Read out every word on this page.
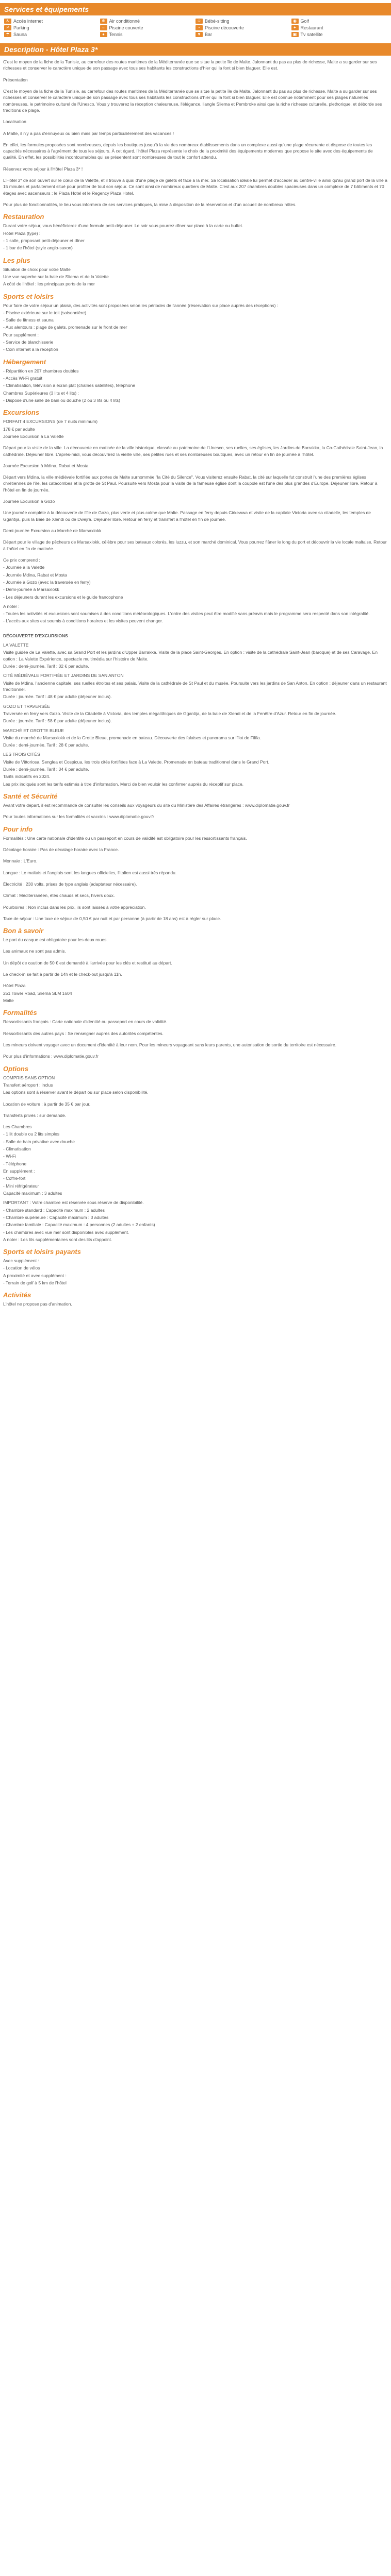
Services et équipements
♿ Accès internet	❄ Air conditionné	☺ Bébé-sitting	◉ Golf
P Parking	≈ Piscine couverte	~ Piscine découverte	✦ Restaurant
☂ Sauna	● Tennis	▼ Bar	▣ Tv satellite
Description - Hôtel Plaza 3*

C'est le moyen de la fiche de la Tunisie, au carrefour des routes maritimes de la Méditerranée que se situe la petite île de Malte. Jalonnant du pas au plus de richesse, Malte a su garder sur ses richesses et conserver le caractère unique de son passage avec tous ses habitants les constructions d'hier qui la font si bien blaguer. Elle est.

Présentation

C'est le moyen de la fiche de la Tunisie, au carrefour des routes maritimes de la Méditerranée que se situe la petite île de Malte. Jalonnant du pas au plus de richesse, Malte a su garder sur ses richesses et conserver le caractère unique de son passage avec tous ses habitants les constructions d'hier qui la font si bien blaguer. Elle est connue notamment pour ses plages naturelles nombreuses, le patrimoine culturel de l'Unesco. Vous y trouverez la réception chaleureuse, l'élégance, l'angle Sliema et Pembroke ainsi que la riche richesse culturelle, plethorique, et déborde ses traditions de plage.

Localisation

A Malte, il n'y a pas d'ennuyeux ou bien mais par temps particulièrement des vacances !

En effet, les formules proposées sont nombreuses, depuis les boutiques jusqu'à la vie des nombreux établissements dans un complexe aussi qu'une plage récurrente et dispose de toutes les capacités nécessaires à l'agrément de tous les séjours. À cet égard, l'hôtel Plaza représente le choix de la proximité des équipements modernes que propose le site avec des équipements de qualité. En effet, les possibilités incontournables qui se présentent sont nombreuses de tout le confort attendu.

Réservez votre séjour à l'Hôtel Plaza 3* !

L'Hôtel 3* de son ouvert sur le cœur de la Valette, et il trouve à quai d'une plage de galets et face à la mer. Sa localisation idéale lui permet d'accéder au centre-ville ainsi qu'au grand port de la ville à 15 minutes et parfaitement situé pour profiter de tout son séjour. Ce sont ainsi de nombreux quartiers de Malte. C'est aux 207 chambres doubles spacieuses dans un complexe de 7 bâtiments et 70 étages avec ascenseurs : le Plaza Hotel et le Regency Plaza Hotel.

Pour plus de fonctionnalités, le lieu vous informera de ses services pratiques, la mise à disposition de la réservation et d'un accueil de nombreux hôtes.

Restauration

Durant votre séjour, vous bénéficierez d'une formule petit-déjeuner. Le soir vous pourrez dîner sur place à la carte ou buffet.

Hôtel Plaza (type) :

- 1 salle, proposant petit-déjeuner et dîner

- 1 bar de l'hôtel (style anglo-saxon)

Les plus

Situation de choix pour votre Malte

Une vue superbe sur la baie de Sliema et de la Valette

A côté de l'hôtel : les principaux ports de la mer

Sports et loisirs

Pour faire de votre séjour un plaisir, des activités sont proposées selon les périodes de l'année (réservation sur place auprès des réceptions) :

- Piscine extérieure sur le toit (saisonnière)

- Salle de fitness et sauna

- Aux alentours : plage de galets, promenade sur le front de mer

Pour supplément :

- Service de blanchisserie

- Coin internet à la réception

Hébergement

- Répartition en 207 chambres doubles

- Accès Wi-Fi gratuit

- Climatisation, télévision à écran plat (chaînes satellites), téléphone

Chambres Supérieures (3 lits et 4 lits) :

- Dispose d'une salle de bain ou douche (2 ou 3 lits ou 4 lits)

Excursions

FORFAIT 4 EXCURSIONS (de 7 nuits minimum)

178 € par adulte

Journée Excursion à La Valette

Départ pour la visite de la ville. La découverte en matinée de la ville historique, classée au patrimoine de l'Unesco, ses ruelles, ses églises, les Jardins de Barrakka, la Co-Cathédrale Saint-Jean, la cathédrale. Déjeuner libre. L'après-midi, vous découvrirez la vieille ville, ses petites rues et ses nombreuses boutiques, avec un retour en fin de journée à l'hôtel.

Journée Excursion à Mdina, Rabat et Mosta

Départ vers Mdina, la ville médiévale fortifiée aux portes de Malte surnommée "la Cité du Silence". Vous visiterez ensuite Rabat, la cité sur laquelle fut construit l'une des premières églises chrétiennes de l'île, les catacombes et la grotte de St Paul. Poursuite vers Mosta pour la visite de la fameuse église dont la coupole est l'une des plus grandes d'Europe. Déjeuner libre. Retour à l'hôtel en fin de journée.

Journée Excursion à Gozo

Une journée complète à la découverte de l'île de Gozo, plus verte et plus calme que Malte. Passage en ferry depuis Cirkewwa et visite de la capitale Victoria avec sa citadelle, les temples de Ggantija, puis la Baie de Xlendi ou de Dwejra. Déjeuner libre. Retour en ferry et transfert à l'hôtel en fin de journée.

Demi-journée Excursion au Marché de Marsaxlokk

Départ pour le village de pêcheurs de Marsaxlokk, célèbre pour ses bateaux colorés, les luzzu, et son marché dominical. Vous pourrez flâner le long du port et découvrir la vie locale maltaise. Retour à l'hôtel en fin de matinée.

Ce prix comprend :

- Journée à la Valette

- Journée Mdina, Rabat et Mosta

- Journée à Gozo (avec la traversée en ferry)

- Demi-journée à Marsaxlokk

- Les déjeuners durant les excursions et le guide francophone

A noter :

- Toutes les activités et excursions sont soumises à des conditions météorologiques. L'ordre des visites peut être modifié sans préavis mais le programme sera respecté dans son intégralité.

- L'accès aux sites est soumis à conditions horaires et les visites peuvent changer.

DÉCOUVERTE D'EXCURSIONS

LA VALETTE

Visite guidée de La Valette, avec sa Grand Port et les jardins d'Upper Barrakka. Visite de la place Saint-Georges. En option : visite de la cathédrale Saint-Jean (baroque) et de ses Caravage. En option : La Valette Expérience, spectacle multimédia sur l'histoire de Malte.

Durée : demi-journée. Tarif : 32 € par adulte.

CITÉ MÉDIÉVALE FORTIFIÉE ET JARDINS DE SAN ANTON

Visite de Mdina, l'ancienne capitale, ses ruelles étroites et ses palais. Visite de la cathédrale de St Paul et du musée. Poursuite vers les jardins de San Anton. En option : déjeuner dans un restaurant traditionnel.

Durée : journée. Tarif : 48 € par adulte (déjeuner inclus).

GOZO ET TRAVERSÉE

Traversée en ferry vers Gozo. Visite de la Citadelle à Victoria, des temples mégalithiques de Ggantija, de la baie de Xlendi et de la Fenêtre d'Azur. Retour en fin de journée.

Durée : journée. Tarif : 58 € par adulte (déjeuner inclus).

MARCHÉ ET GROTTE BLEUE

Visite du marché de Marsaxlokk et de la Grotte Bleue, promenade en bateau. Découverte des falaises et panorama sur l'îlot de Filfla.

Durée : demi-journée. Tarif : 28 € par adulte.

LES TROIS CITÉS

Visite de Vittoriosa, Senglea et Cospicua, les trois cités fortifiées face à La Valette. Promenade en bateau traditionnel dans le Grand Port.

Durée : demi-journée. Tarif : 34 € par adulte.

Tarifs indicatifs en 2024.

Les prix indiqués sont les tarifs estimés à titre d'information. Merci de bien vouloir les confirmer auprès du réceptif sur place.

Santé et Sécurité

Avant votre départ, il est recommandé de consulter les conseils aux voyageurs du site du Ministère des Affaires étrangères : www.diplomatie.gouv.fr

Pour toutes informations sur les formalités et vaccins : www.diplomatie.gouv.fr

Pour info

Formalités : Une carte nationale d'identité ou un passeport en cours de validité est obligatoire pour les ressortissants français.

Décalage horaire : Pas de décalage horaire avec la France.

Monnaie : L'Euro.

Langue : Le maltais et l'anglais sont les langues officielles, l'italien est aussi très répandu.

Électricité : 230 volts, prises de type anglais (adaptateur nécessaire).

Climat : Méditerranéen, étés chauds et secs, hivers doux.

Pourboires : Non inclus dans les prix, ils sont laissés à votre appréciation.

Taxe de séjour : Une taxe de séjour de 0,50 € par nuit et par personne (à partir de 18 ans) est à régler sur place.

Bon à savoir

Le port du casque est obligatoire pour les deux roues.

Les animaux ne sont pas admis.

Un dépôt de caution de 50 € est demandé à l'arrivée pour les clés et restitué au départ.

Le check-in se fait à partir de 14h et le check-out jusqu'à 11h.

Hôtel Plaza

251 Tower Road, Sliema SLM 1604

Malte

Formalités

Ressortissants français : Carte nationale d'identité ou passeport en cours de validité.

Ressortissants des autres pays : Se renseigner auprès des autorités compétentes.

Les mineurs doivent voyager avec un document d'identité à leur nom. Pour les mineurs voyageant sans leurs parents, une autorisation de sortie du territoire est nécessaire.

Pour plus d'informations : www.diplomatie.gouv.fr

Options

COMPRIS SANS OPTION

Transfert aéroport : inclus

Les options sont à réserver avant le départ ou sur place selon disponibilité.

Location de voiture : à partir de 35 € par jour.

Transferts privés : sur demande.

Les Chambres

- 1 lit double ou 2 lits simples

- Salle de bain privative avec douche

- Climatisation

- Wi-Fi

- Téléphone

En supplément :

- Coffre-fort

- Mini réfrigérateur

Capacité maximum : 3 adultes

IMPORTANT : Votre chambre est réservée sous réserve de disponibilité.

- Chambre standard : Capacité maximum : 2 adultes

- Chambre supérieure : Capacité maximum : 3 adultes

- Chambre familiale : Capacité maximum : 4 personnes (2 adultes + 2 enfants)

- Les chambres avec vue mer sont disponibles avec supplément.

A noter : Les lits supplémentaires sont des lits d'appoint.

Sports et loisirs payants

Avec supplément :

- Location de vélos

A proximité et avec supplément :

- Terrain de golf à 5 km de l'hôtel

Activités

L'hôtel ne propose pas d'animation.
